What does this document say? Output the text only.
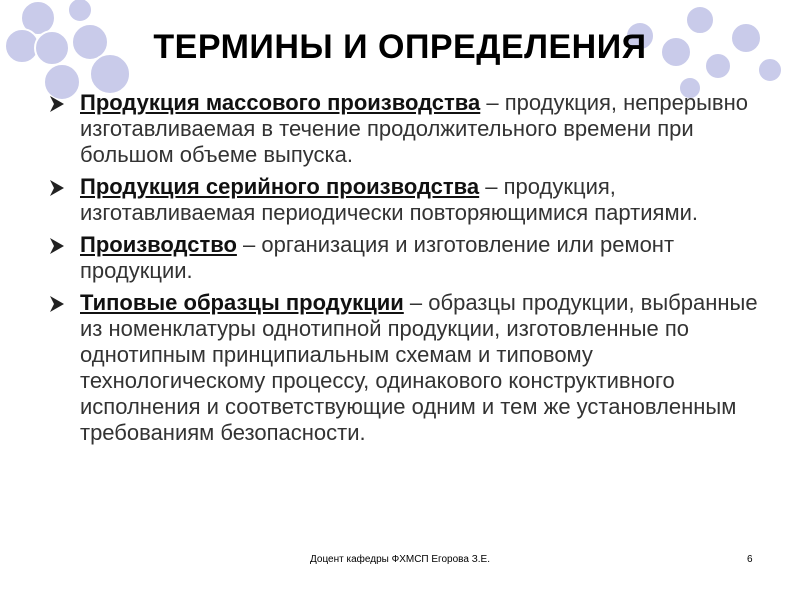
ТЕРМИНЫ И ОПРЕДЕЛЕНИЯ
Продукция массового производства – продукция, непрерывно изготавливаемая в течение продолжительного времени при большом объеме выпуска.
Продукция серийного производства – продукция, изготавливаемая периодически повторяющимися партиями.
Производство – организация и изготовление или ремонт продукции.
Типовые образцы продукции – образцы продукции, выбранные из номенклатуры однотипной продукции, изготовленные по однотипным принципиальным схемам и типовому технологическому процессу, одинакового конструктивного исполнения и соответствующие одним и тем же установленным требованиям безопасности.
Доцент кафедры ФХМСП Егорова З.Е.	6
